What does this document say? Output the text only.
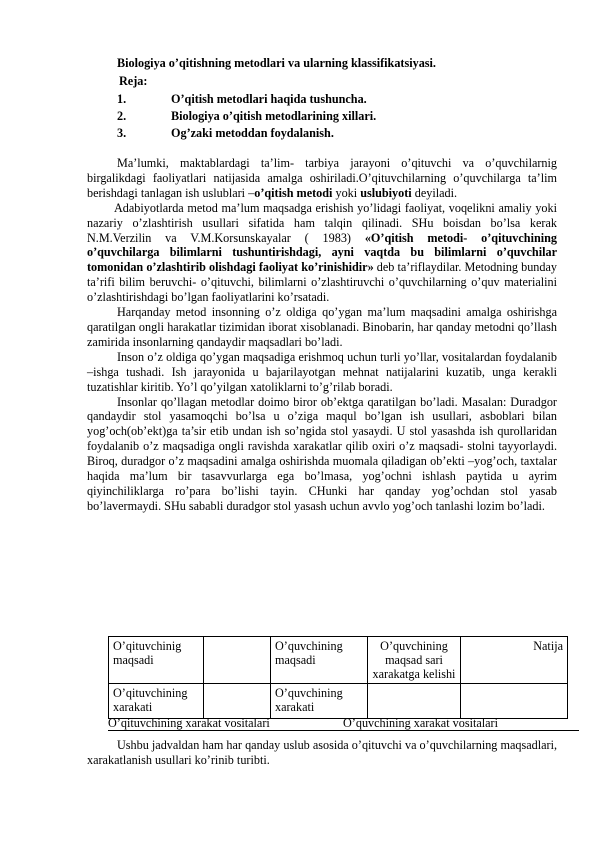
Biologiya o’qitishning metodlari va ularning klassifikatsiyasi.
Reja:
1.	O’qitish metodlari haqida tushuncha.
2.	Biologiya o’qitish metodlarining xillari.
3.	Og’zaki metoddan foydalanish.

Ma’lumki, maktablardagi ta’lim- tarbiya jarayoni o’qituvchi va o’quvchilarnig birgalikdagi faoliyatlari natijasida amalga oshiriladi.O’qituvchilarning o’quvchilarga ta’lim berishdagi tanlagan ish uslublari –o’qitish metodi yoki uslubiyoti deyiladi.

Adabiyotlarda metod ma’lum maqsadga erishish yo’lidagi faoliyat, voqelikni amaliy yoki nazariy o’zlashtirish usullari sifatida ham talqin qilinadi. SHu boisdan bo’lsa kerak N.M.Verzilin va V.M.Korsunskayalar ( 1983) «O’qitish metodi- o’qituvchining o’quvchilarga bilimlarni tushuntirishdagi, ayni vaqtda bu bilimlarni o’quvchilar tomonidan o’zlashtirib olishdagi faoliyat ko’rinishidir» deb ta’riflaydilar. Metodning bunday ta’rifi bilim beruvchi- o’qituvchi, bilimlarni o’zlashtiruvchi o’quvchilarning o’quv materialini o’zlashtirishdagi bo’lgan faoliyatlarini ko’rsatadi.

Harqanday metod insonning o’z oldiga qo’ygan ma’lum maqsadini amalga oshirishga qaratilgan ongli harakatlar tizimidan iborat xisoblanadi. Binobarin, har qanday metodni qo’llash zamirida insonlarning qandaydir maqsadlari bo’ladi.

Inson o’z oldiga qo’ygan maqsadiga erishmoq uchun turli yo’llar, vositalardan foydalanib –ishga tushadi. Ish jarayonida u bajarilayotgan mehnat natijalarini kuzatib, unga kerakli tuzatishlar kiritib. Yo’l qo’yilgan xatoliklarni to’g’rilab boradi.

Insonlar qo’llagan metodlar doimo biror ob’ektga qaratilgan bo’ladi. Masalan: Duradgor qandaydir stol yasamoqchi bo’lsa u o’ziga maqul bo’lgan ish usullari, asboblari bilan yog’och(ob’ekt)ga ta’sir etib undan ish so’ngida stol yasaydi. U stol yasashda ish qurollaridan foydalanib o’z maqsadiga ongli ravishda xarakatlar qilib oxiri o’z maqsadi- stolni tayyorlaydi. Biroq, duradgor o’z maqsadini amalga oshirishda muomala qiladigan ob’ekti –yog’och, taxtalar haqida ma’lum bir tasavvurlarga ega bo’lmasa, yog’ochni ishlash paytida u ayrim qiyinchiliklarga ro’para bo’lishi tayin. CHunki har qanday yog’ochdan stol yasab bo’lavermaydi. SHu sababli duradgor stol yasash uchun avvlo yog’och tanlashi lozim bo’ladi.

O’qituvchinig maqsadi		O’quvchining maqsadi	O’quvchining maqsad sari xarakatga kelishi	Natija
O’qituvchining xarakati		O’quvchining xarakati		
O’qituvchining xarakat vositalari	O’quvchining xarakat vositalari

Ushbu jadvaldan ham har qanday uslub asosida o’qituvchi va o’quvchilarning maqsadlari, xarakatlanish usullari ko’rinib turibti.
